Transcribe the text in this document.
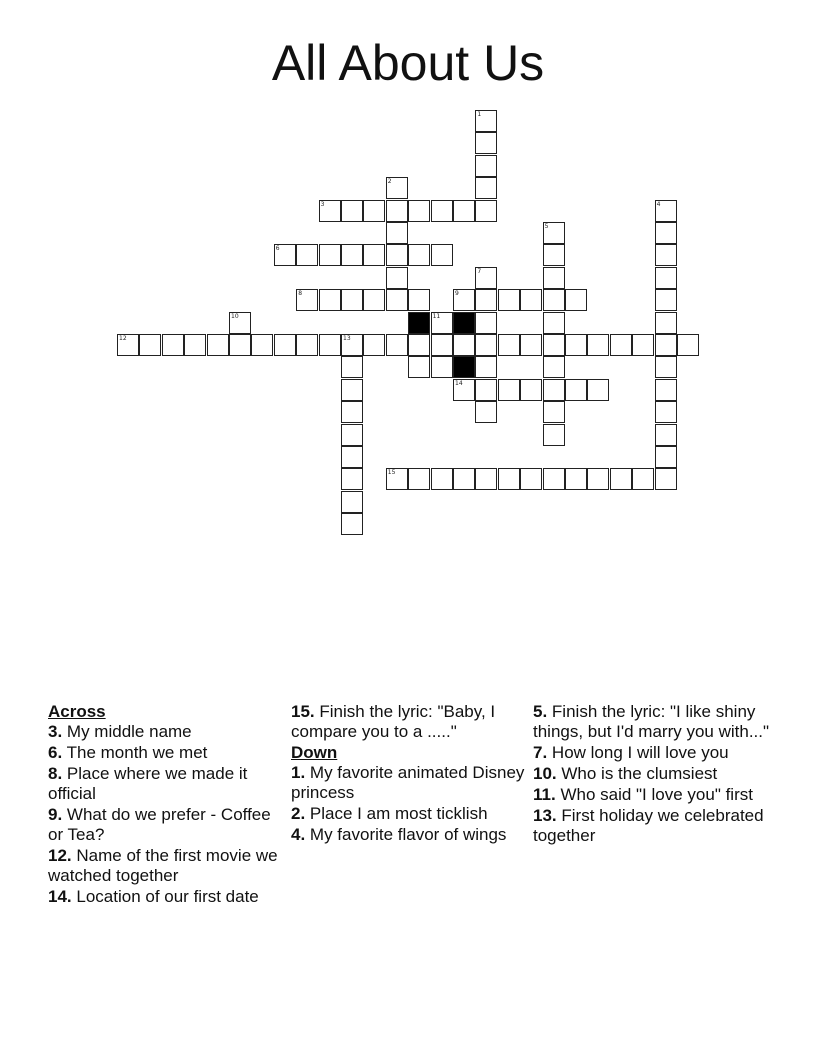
All About Us
3
6
8	9
12	13
14
15
1
2
4
5
7
10	11
Across
3. My middle name
6. The month we met
8. Place where we made it official
9. What do we prefer - Coffee or Tea?
12. Name of the first movie we watched together
14. Location of our first date
15. Finish the lyric: "Baby, I compare you to a ....."
Down
1. My favorite animated Disney princess
2. Place I am most ticklish
4. My favorite flavor of wings
5. Finish the lyric: "I like shiny things, but I'd marry you with..."
7. How long I will love you
10. Who is the clumsiest
11. Who said "I love you" first
13. First holiday we celebrated together
